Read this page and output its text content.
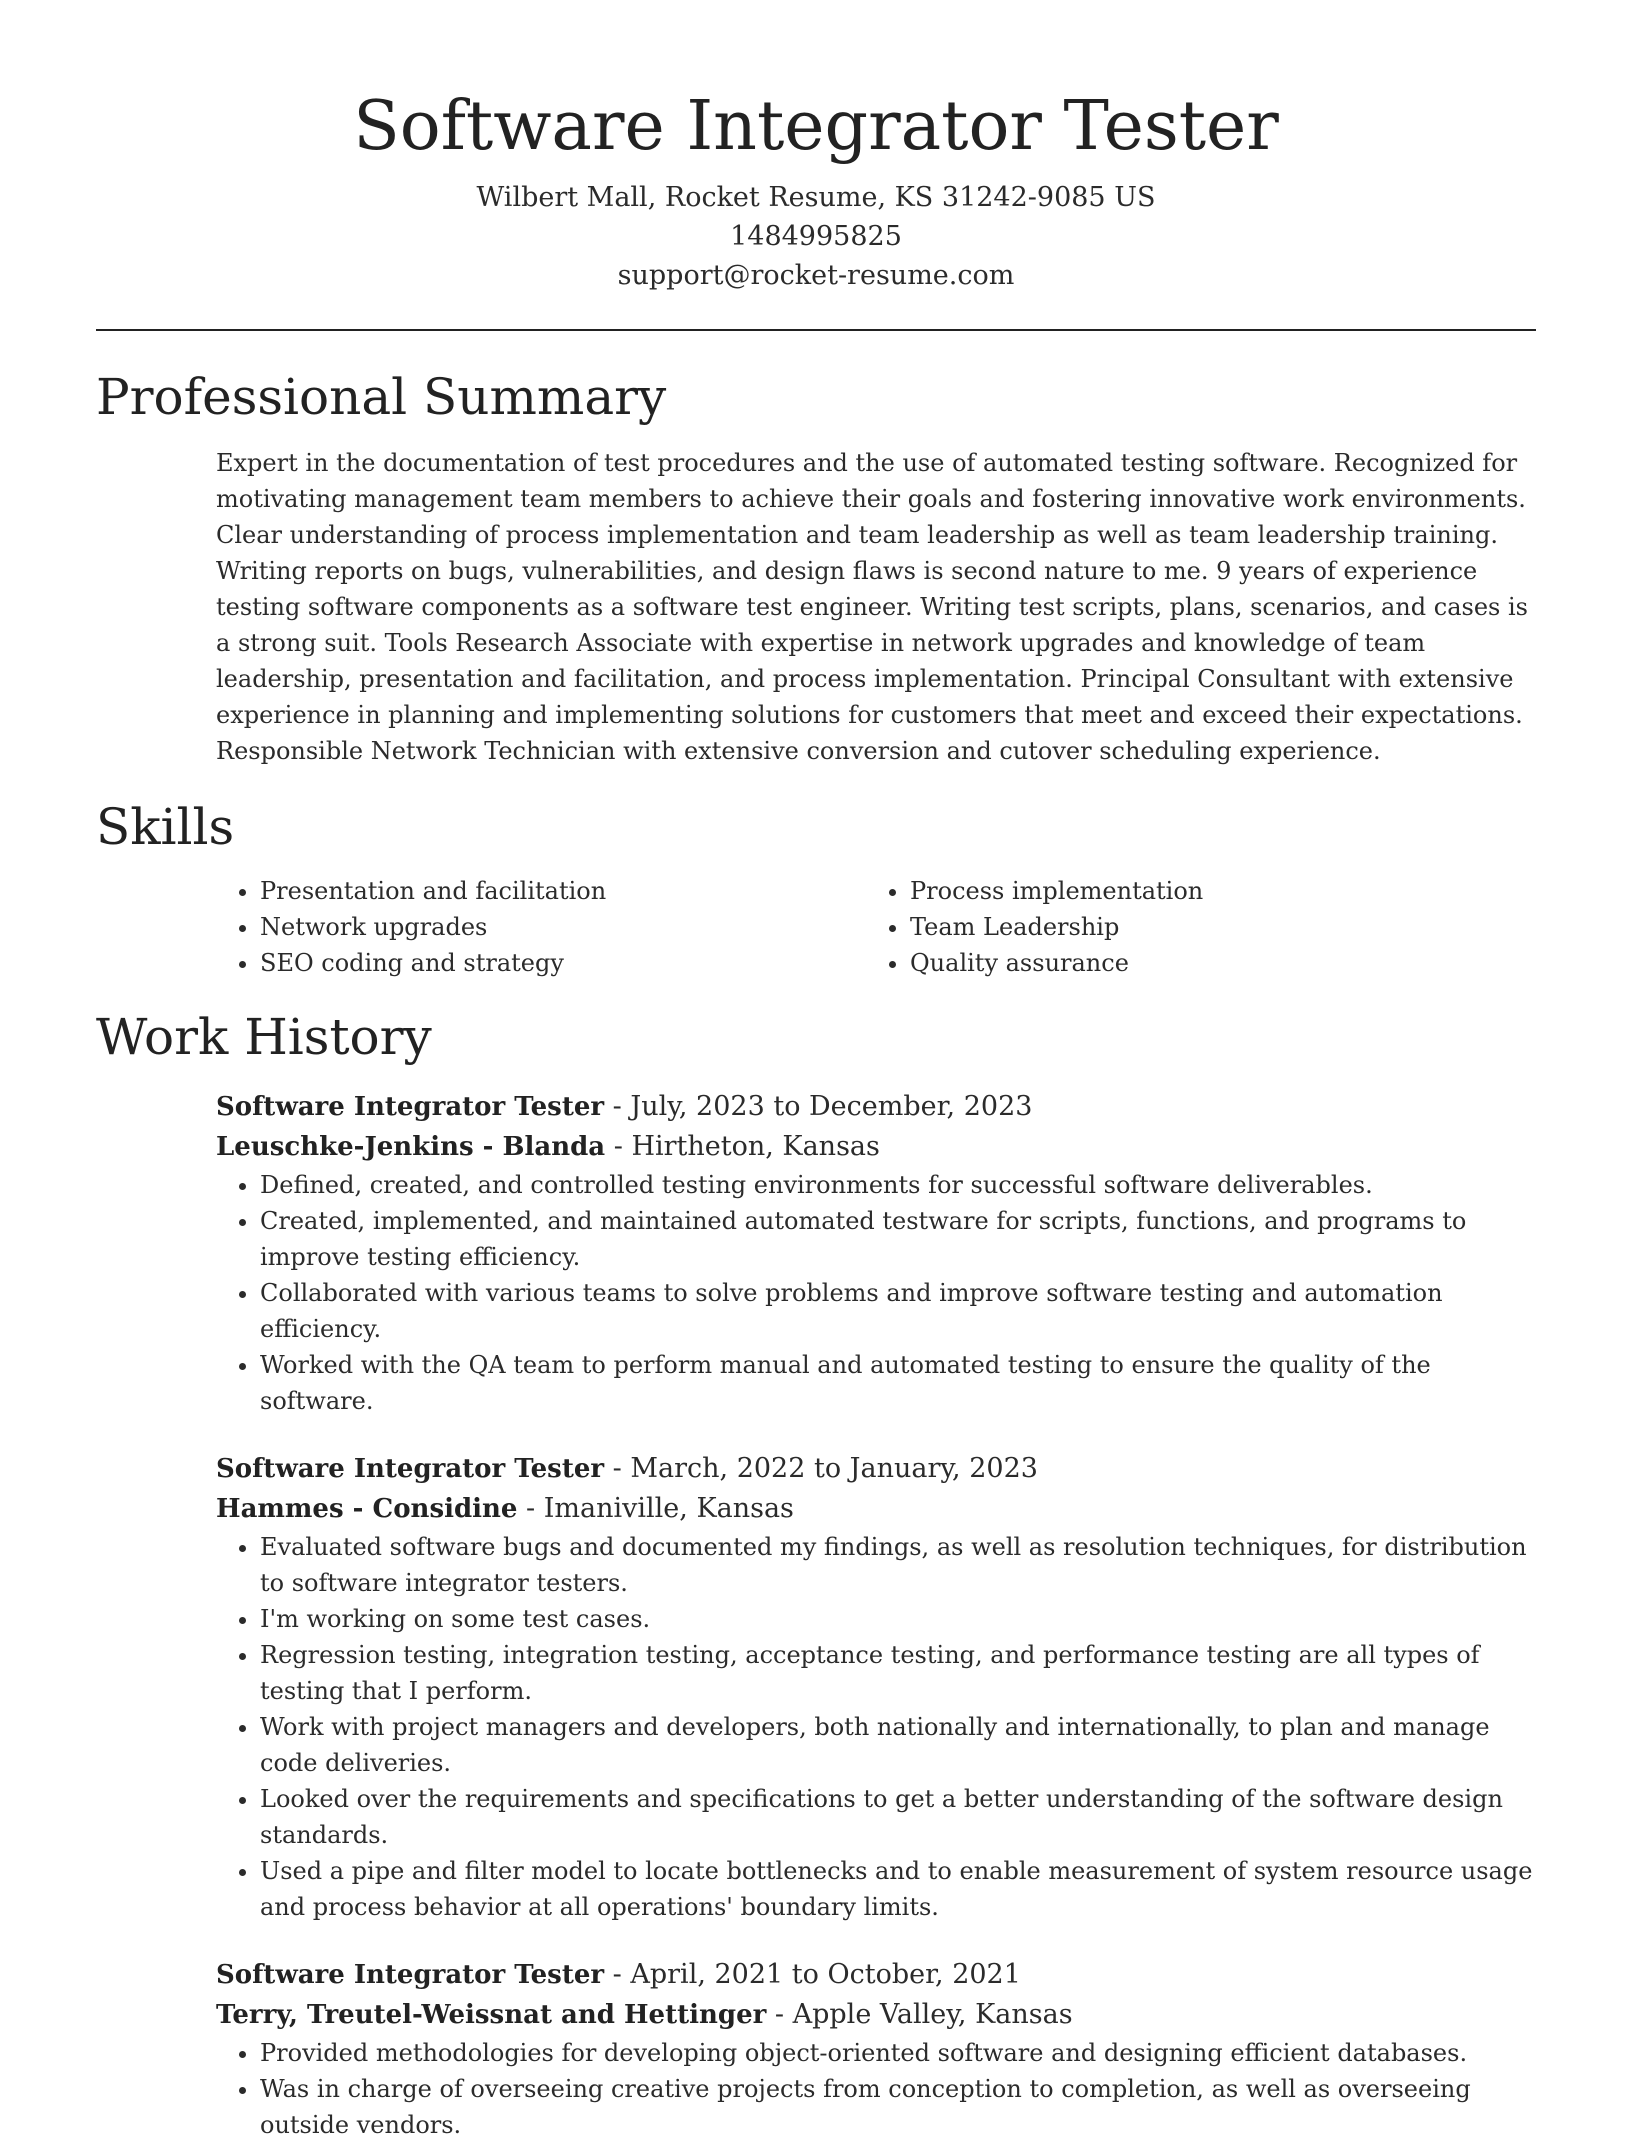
Software Integrator Tester
Wilbert Mall, Rocket Resume, KS 31242-9085 US
1484995825
support@rocket-resume.com
Professional Summary
Expert in the documentation of test procedures and the use of automated testing software. Recognized for motivating management team members to achieve their goals and fostering innovative work environments. Clear understanding of process implementation and team leadership as well as team leadership training. Writing reports on bugs, vulnerabilities, and design flaws is second nature to me. 9 years of experience testing software components as a software test engineer. Writing test scripts, plans, scenarios, and cases is a strong suit. Tools Research Associate with expertise in network upgrades and knowledge of team leadership, presentation and facilitation, and process implementation. Principal Consultant with extensive experience in planning and implementing solutions for customers that meet and exceed their expectations. Responsible Network Technician with extensive conversion and cutover scheduling experience.
Skills
• Presentation and facilitation
• Network upgrades
• SEO coding and strategy
• Process implementation
• Team Leadership
• Quality assurance
Work History
Software Integrator Tester - July, 2023 to December, 2023
Leuschke-Jenkins - Blanda - Hirtheton, Kansas
• Defined, created, and controlled testing environments for successful software deliverables.
• Created, implemented, and maintained automated testware for scripts, functions, and programs to improve testing efficiency.
• Collaborated with various teams to solve problems and improve software testing and automation efficiency.
• Worked with the QA team to perform manual and automated testing to ensure the quality of the software.
Software Integrator Tester - March, 2022 to January, 2023
Hammes - Considine - Imaniville, Kansas
• Evaluated software bugs and documented my findings, as well as resolution techniques, for distribution to software integrator testers.
• I'm working on some test cases.
• Regression testing, integration testing, acceptance testing, and performance testing are all types of testing that I perform.
• Work with project managers and developers, both nationally and internationally, to plan and manage code deliveries.
• Looked over the requirements and specifications to get a better understanding of the software design standards.
• Used a pipe and filter model to locate bottlenecks and to enable measurement of system resource usage and process behavior at all operations' boundary limits.
Software Integrator Tester - April, 2021 to October, 2021
Terry, Treutel-Weissnat and Hettinger - Apple Valley, Kansas
• Provided methodologies for developing object-oriented software and designing efficient databases.
• Was in charge of overseeing creative projects from conception to completion, as well as overseeing outside vendors.
